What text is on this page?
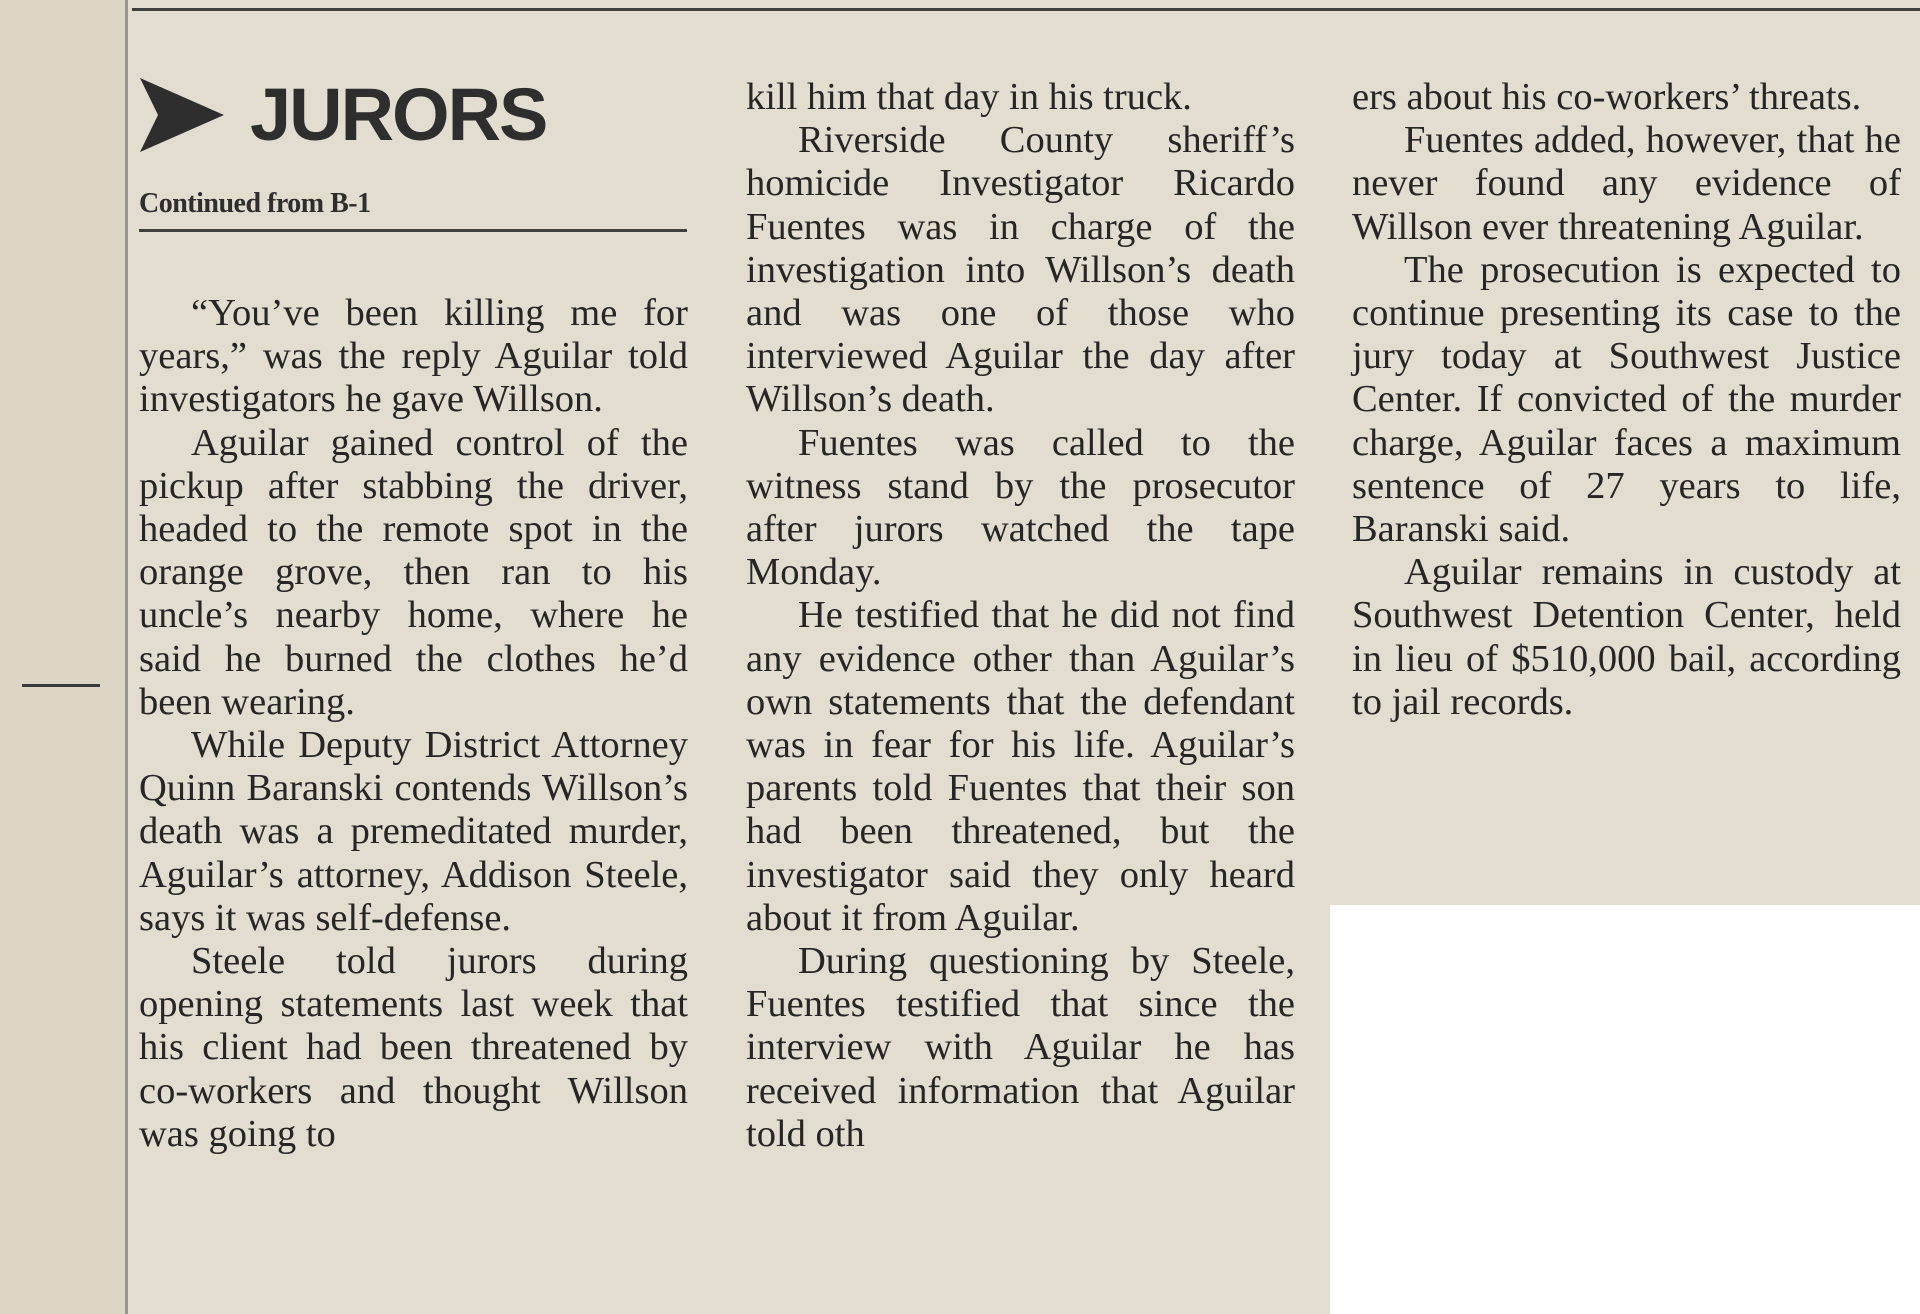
JURORS
Continued from B-1

“You’ve been killing me for years,” was the reply Aguilar told investigators he gave Willson.

Aguilar gained control of the pickup after stabbing the driver, headed to the remote spot in the orange grove, then ran to his uncle’s nearby home, where he said he burned the clothes he’d been wearing.

While Deputy District Attorney Quinn Baranski contends Willson’s death was a premeditated murder, Aguilar’s attorney, Addison Steele, says it was self-defense.

Steele told jurors during opening statements last week that his client had been threatened by co-workers and thought Willson was going to

kill him that day in his truck.

Riverside County sheriff’s homicide Investigator Ricardo Fuentes was in charge of the investigation into Willson’s death and was one of those who interviewed Aguilar the day after Willson’s death.

Fuentes was called to the witness stand by the prosecutor after jurors watched the tape Monday.

He testified that he did not find any evidence other than Aguilar’s own statements that the defendant was in fear for his life. Aguilar’s parents told Fuentes that their son had been threatened, but the investigator said they only heard about it from Aguilar.

During questioning by Steele, Fuentes testified that since the interview with Aguilar he has received information that Aguilar told oth

ers about his co-workers’ threats.

Fuentes added, however, that he never found any evidence of Willson ever threatening Aguilar.

The prosecution is expected to continue presenting its case to the jury today at Southwest Justice Center. If convicted of the murder charge, Aguilar faces a maximum sentence of 27 years to life, Baranski said.

Aguilar remains in custody at Southwest Detention Center, held in lieu of $510,000 bail, according to jail records.
